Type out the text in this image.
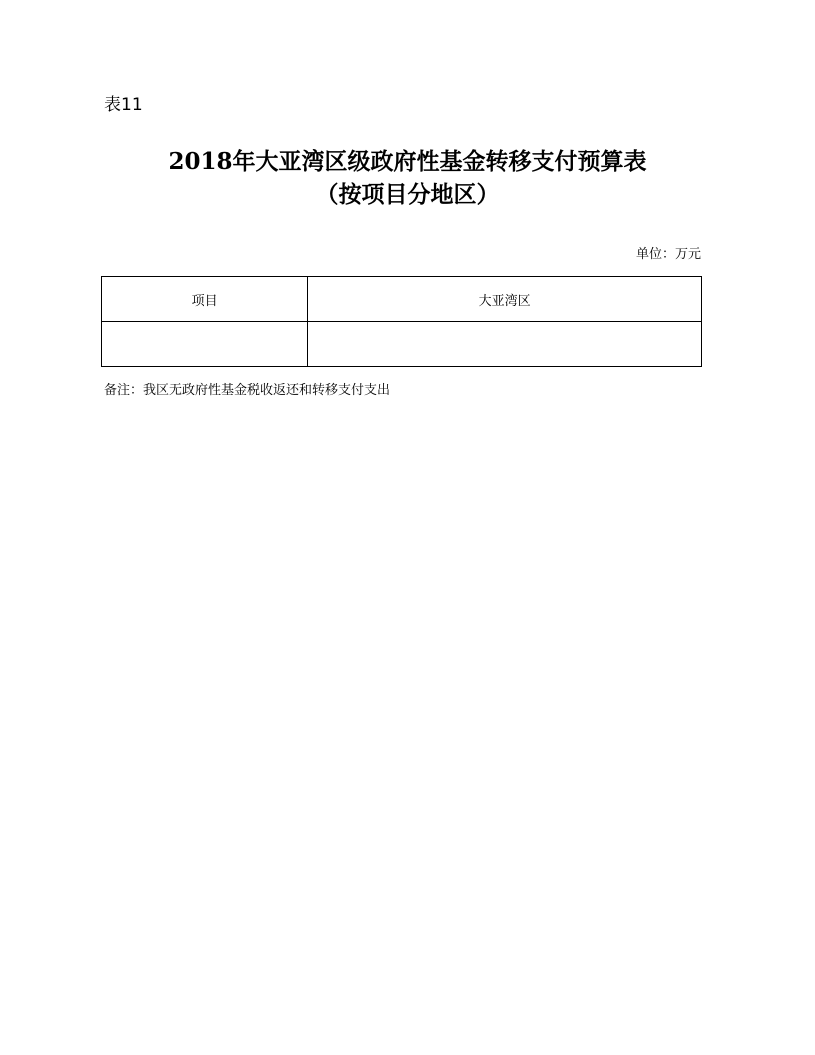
表11
2018年大亚湾区级政府性基金转移支付预算表
（按项目分地区）
单位：万元
项目	大亚湾区

备注：我区无政府性基金税收返还和转移支付支出
